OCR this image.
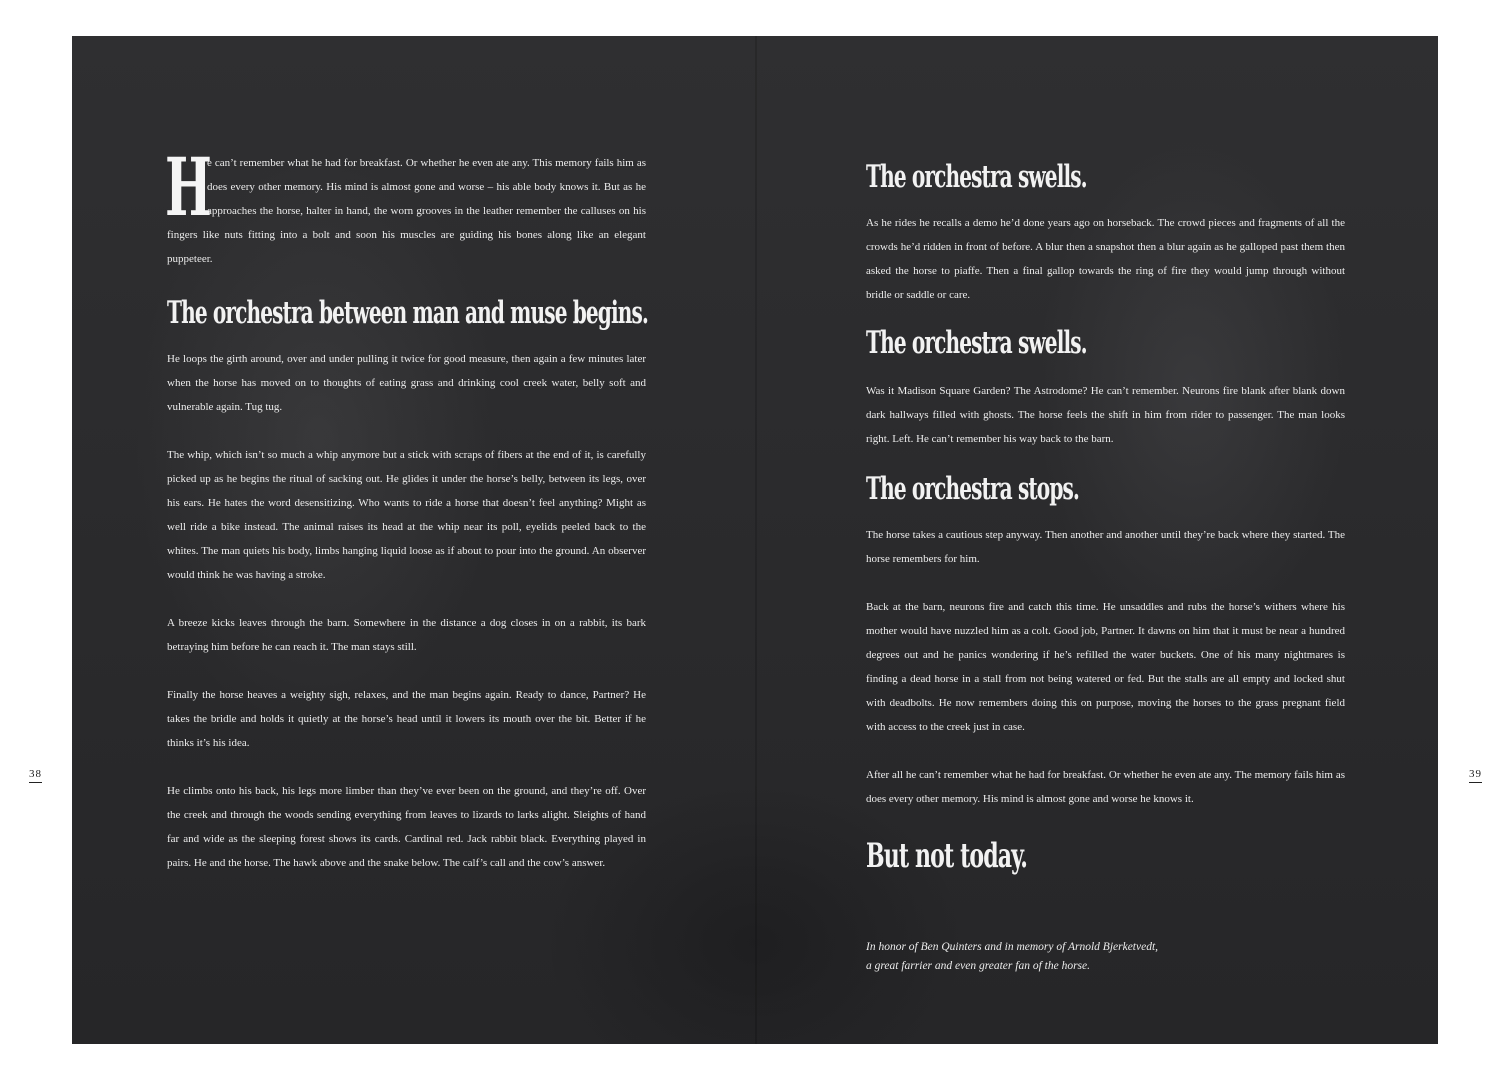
38	39

H
e can’t remember what he had for breakfast. Or whether he even ate any. This memory fails him as does every other memory. His mind is almost gone and worse – his able body knows it. But as he approaches the horse, halter in hand, the worn grooves in the leather remember the calluses on his fingers like nuts fitting into a bolt and soon his muscles are guiding his bones along like an elegant puppeteer.

The orchestra between man and muse begins.

He loops the girth around, over and under pulling it twice for good measure, then again a few minutes later when the horse has moved on to thoughts of eating grass and drinking cool creek water, belly soft and vulnerable again. Tug tug.

The whip, which isn’t so much a whip anymore but a stick with scraps of fibers at the end of it, is carefully picked up as he begins the ritual of sacking out. He glides it under the horse’s belly, between its legs, over his ears. He hates the word desensitizing. Who wants to ride a horse that doesn’t feel anything? Might as well ride a bike instead. The animal raises its head at the whip near its poll, eyelids peeled back to the whites. The man quiets his body, limbs hanging liquid loose as if about to pour into the ground. An observer would think he was having a stroke.

A breeze kicks leaves through the barn. Somewhere in the distance a dog closes in on a rabbit, its bark betraying him before he can reach it. The man stays still.

Finally the horse heaves a weighty sigh, relaxes, and the man begins again. Ready to dance, Partner? He takes the bridle and holds it quietly at the horse’s head until it lowers its mouth over the bit. Better if he thinks it’s his idea.

He climbs onto his back, his legs more limber than they’ve ever been on the ground, and they’re off. Over the creek and through the woods sending everything from leaves to lizards to larks alight. Sleights of hand far and wide as the sleeping forest shows its cards. Cardinal red. Jack rabbit black. Everything played in pairs. He and the horse. The hawk above and the snake below. The calf’s call and the cow’s answer.

The orchestra swells.

As he rides he recalls a demo he’d done years ago on horseback. The crowd pieces and fragments of all the crowds he’d ridden in front of before. A blur then a snapshot then a blur again as he galloped past them then asked the horse to piaffe. Then a final gallop towards the ring of fire they would jump through without bridle or saddle or care.

The orchestra swells.

Was it Madison Square Garden? The Astrodome? He can’t remember. Neurons fire blank after blank down dark hallways filled with ghosts. The horse feels the shift in him from rider to passenger. The man looks right. Left. He can’t remember his way back to the barn.

The orchestra stops.

The horse takes a cautious step anyway. Then another and another until they’re back where they started. The horse remembers for him.

Back at the barn, neurons fire and catch this time. He unsaddles and rubs the horse’s withers where his mother would have nuzzled him as a colt. Good job, Partner. It dawns on him that it must be near a hundred degrees out and he panics wondering if he’s refilled the water buckets. One of his many nightmares is finding a dead horse in a stall from not being watered or fed. But the stalls are all empty and locked shut with deadbolts. He now remembers doing this on purpose, moving the horses to the grass pregnant field with access to the creek just in case.

After all he can’t remember what he had for breakfast. Or whether he even ate any. The memory fails him as does every other memory. His mind is almost gone and worse he knows it.

But not today.

In honor of Ben Quinters and in memory of Arnold Bjerketvedt,

a great farrier and even greater fan of the horse.
